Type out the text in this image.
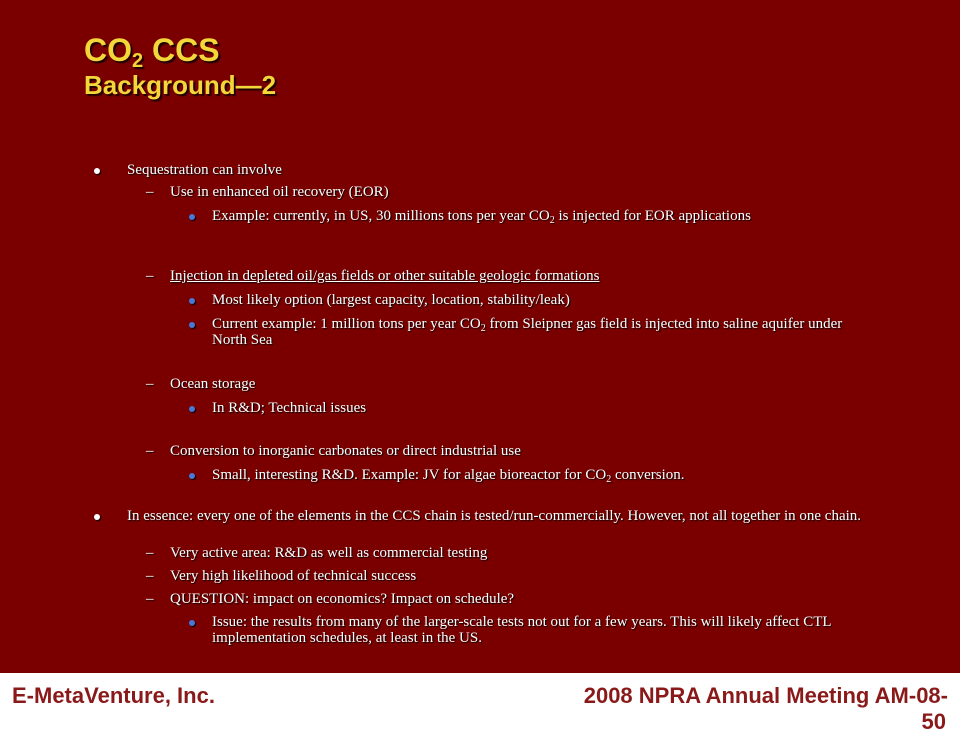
$CO_2$ CCS
Background—2
Sequestration can involve
– Use in enhanced oil recovery (EOR)
Example: currently, in US, 30 millions tons per year $CO_2$ is injected for EOR applications
– Injection in depleted oil/gas fields or other suitable geologic formations
Most likely option (largest capacity, location, stability/leak)
Current example: 1 million tons per year $CO_2$ from Sleipner gas field is injected into saline aquifer under North Sea
– Ocean storage
In R&D; Technical issues
– Conversion to inorganic carbonates or direct industrial use
Small, interesting R&D. Example: JV for algae bioreactor for $CO_2$ conversion.
In essence: every one of the elements in the CCS chain is tested/run-commercially. However, not all together in one chain.
– Very active area: R&D as well as commercial testing
– Very high likelihood of technical success
– QUESTION: impact on economics? Impact on schedule?
Issue: the results from many of the larger-scale tests not out for a few years. This will likely affect CTL implementation schedules, at least in the US.
E-MetaVenture, Inc.	2008 NPRA Annual Meeting AM-08-
50
